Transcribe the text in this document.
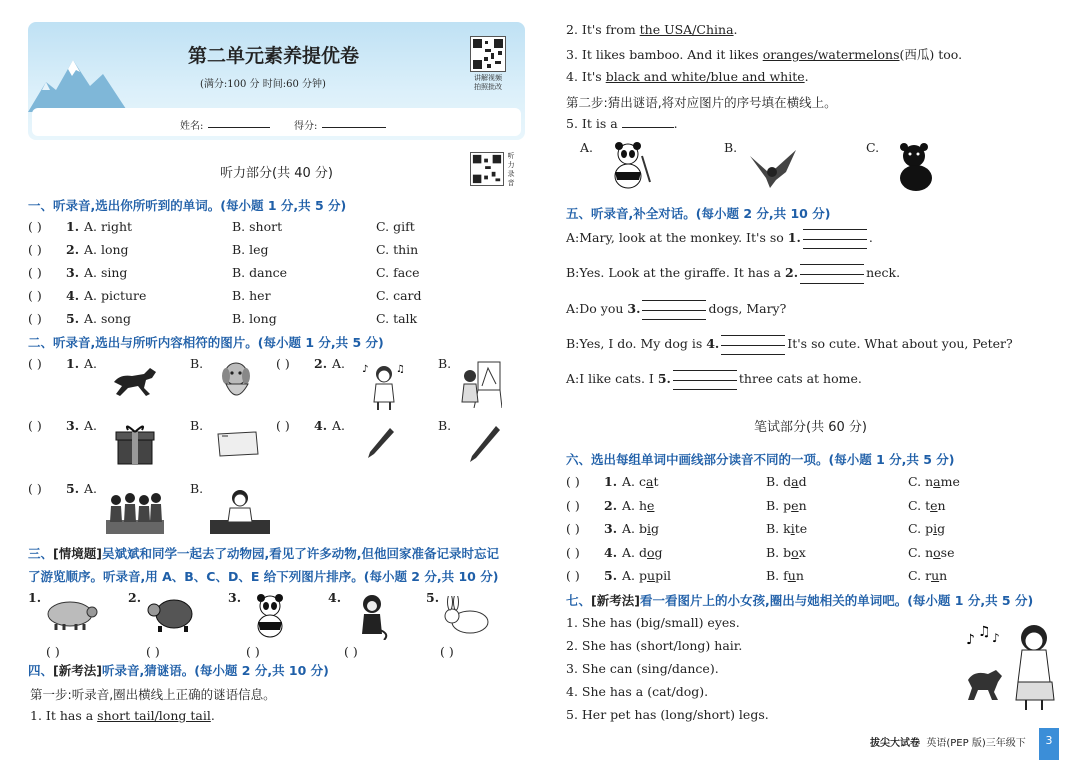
第二单元素养提优卷
(满分:100 分 时间:60 分钟)
讲解视频
拍照批改
姓名:	得分:
听力部分(共 40 分)
听力录音
一、听录音,选出你所听到的单词。(每小题 1 分,共 5 分)
( ) 1. A. right	B. short	C. gift
( ) 2. A. long	B. leg	C. thin
( ) 3. A. sing	B. dance	C. face
( ) 4. A. picture	B. her	C. card
( ) 5. A. song	B. long	C. talk
二、听录音,选出与所听内容相符的图片。(每小题 1 分,共 5 分)
( ) 1. A.	B.	( ) 2. A.	B.
( ) 3. A.	B.	( ) 4. A.	B.
( ) 5. A.	B.
♪	♫
三、[情境题]吴斌斌和同学一起去了动物园,看见了许多动物,但他回家准备记录时忘记
了游览顺序。听录音,用 A、B、C、D、E 给下列图片排序。(每小题 2 分,共 10 分)
1.	2.	3.	4.	5.
( )	( )	( )	( )	( )
四、[新考法]听录音,猜谜语。(每小题 2 分,共 10 分)
第一步:听录音,圈出横线上正确的谜语信息。
1. It has a short tail/long tail.
2. It's from the USA/China.
3. It likes bamboo. And it likes oranges/watermelons(西瓜) too.
4. It's black and white/blue and white.
第二步:猜出谜语,将对应图片的序号填在横线上。
5. It is a	.
A.	B.	C.
五、听录音,补全对话。(每小题 2 分,共 10 分)
A:Mary, look at the monkey. It's so 1.	.
B:Yes. Look at the giraffe. It has a 2.	neck.
A:Do you 3.	dogs, Mary?
B:Yes, I do. My dog is 4.	It's so cute. What about you, Peter?
A:I like cats. I 5.	three cats at home.
笔试部分(共 60 分)
六、选出每组单词中画线部分读音不同的一项。(每小题 1 分,共 5 分)
( ) 1. A. cat	B. dad	C. name
( ) 2. A. he	B. pen	C. ten
( ) 3. A. big	B. kite	C. pig
( ) 4. A. dog	B. box	C. nose
( ) 5. A. pupil	B. fun	C. run
七、[新考法]看一看图片上的小女孩,圈出与她相关的单词吧。(每小题 1 分,共 5 分)
1. She has (big/small) eyes.
2. She has (short/long) hair.
3. She can (sing/dance).
4. She has a (cat/dog).
5. Her pet has (long/short) legs.
♪ ♫ ♪
拔尖大试卷 英语(PEP 版)三年级下	3
